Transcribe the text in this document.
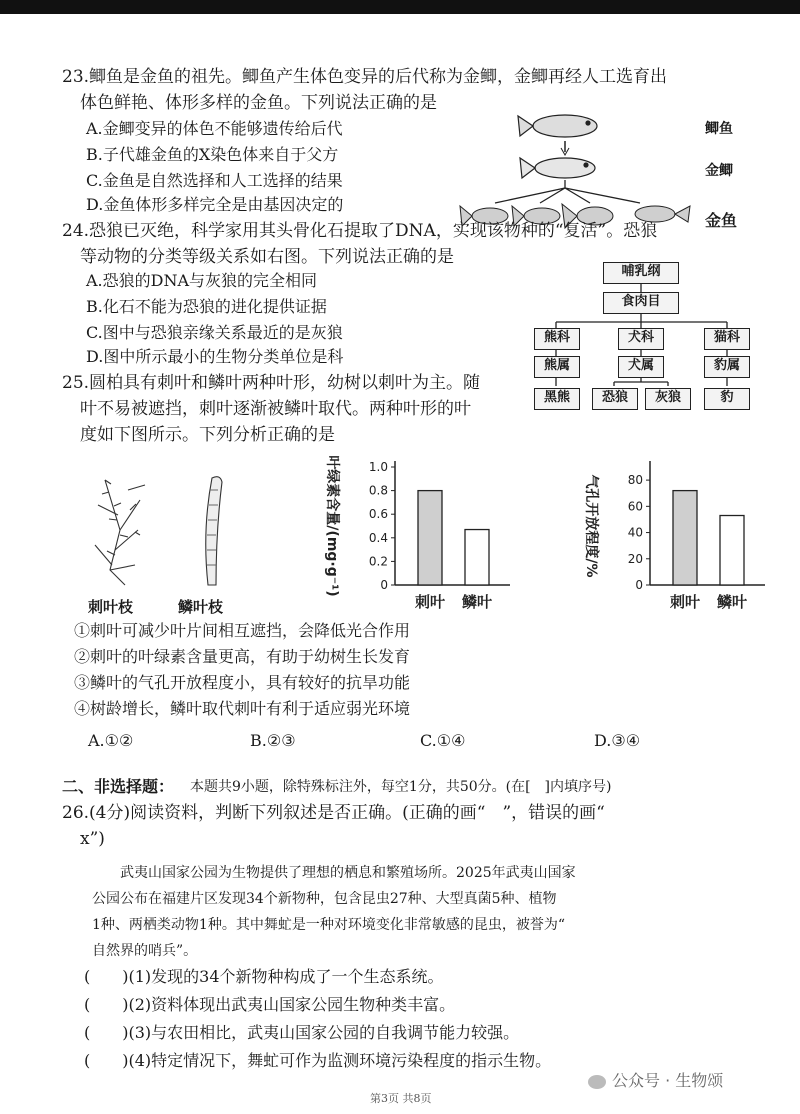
23.鲫鱼是金鱼的祖先。鲫鱼产生体色变异的后代称为金鲫，金鲫再经人工选育出
体色鲜艳、体形多样的金鱼。下列说法正确的是
A.金鲫变异的体色不能够遗传给后代
B.子代雄金鱼的X染色体来自于父方
C.金鱼是自然选择和人工选择的结果
D.金鱼体形多样完全是由基因决定的
鲫鱼
金鲫
金鱼
24.恐狼已灭绝，科学家用其头骨化石提取了DNA，实现该物种的“复活”。恐狼
等动物的分类等级关系如右图。下列说法正确的是
A.恐狼的DNA与灰狼的完全相同
B.化石不能为恐狼的进化提供证据
C.图中与恐狼亲缘关系最近的是灰狼
D.图中所示最小的生物分类单位是科
哺乳纲
食肉目
熊科	犬科	猫科
熊属	犬属	豹属
黑熊	恐狼	灰狼	豹
25.圆柏具有刺叶和鳞叶两种叶形，幼树以刺叶为主。随
叶不易被遮挡，刺叶逐渐被鳞叶取代。两种叶形的叶
度如下图所示。下列分析正确的是
刺叶枝	鳞叶枝
0
0.2
0.4
0.6
0.8
1.0
叶绿素含量/(mg·g⁻¹)
刺叶 鳞叶
0
20
40
60
80
气孔开放程度/%
刺叶 鳞叶
①刺叶可减少叶片间相互遮挡，会降低光合作用
②刺叶的叶绿素含量更高，有助于幼树生长发育
③鳞叶的气孔开放程度小，具有较好的抗旱功能
④树龄增长，鳞叶取代刺叶有利于适应弱光环境
A.①②	B.②③	C.①④	D.③④
二、非选择题： 本题共9小题，除特殊标注外，每空1分，共50分。(在[　]内填序号)
26.(4分)阅读资料，判断下列叙述是否正确。(正确的画“　”，错误的画“
x”)
　　武夷山国家公园为生物提供了理想的栖息和繁殖场所。2025年武夷山国家
公园公布在福建片区发现34个新物种，包含昆虫27种、大型真菌5种、植物
1种、两栖类动物1种。其中舞虻是一种对环境变化非常敏感的昆虫，被誉为“
自然界的哨兵”。
(　　)(1)发现的34个新物种构成了一个生态系统。
(　　)(2)资料体现出武夷山国家公园生物种类丰富。
(　　)(3)与农田相比，武夷山国家公园的自我调节能力较强。
(　　)(4)特定情况下，舞虻可作为监测环境污染程度的指示生物。
公众号 · 生物颂
第3页 共8页
